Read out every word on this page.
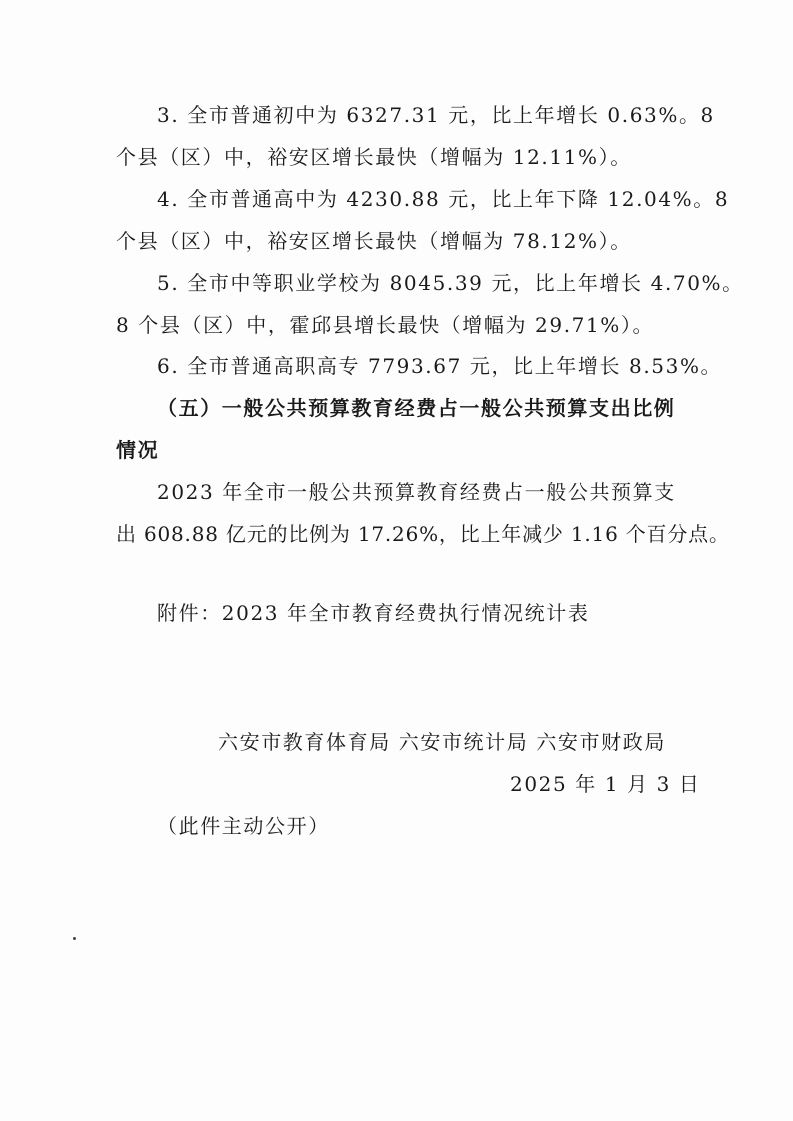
3. 全市普通初中为 6327.31 元，比上年增长 0.63%。8
个县（区）中，裕安区增长最快（增幅为 12.11%）。
4. 全市普通高中为 4230.88 元，比上年下降 12.04%。8
个县（区）中，裕安区增长最快（增幅为 78.12%）。
5. 全市中等职业学校为 8045.39 元，比上年增长 4.70%。
8 个县（区）中，霍邱县增长最快（增幅为 29.71%）。
6. 全市普通高职高专 7793.67 元，比上年增长 8.53%。
（五）一般公共预算教育经费占一般公共预算支出比例
情况
2023 年全市一般公共预算教育经费占一般公共预算支
出 608.88 亿元的比例为 17.26%，比上年减少 1.16 个百分点。
附件：2023 年全市教育经费执行情况统计表
六安市教育体育局 六安市统计局 六安市财政局
2025 年 1 月 3 日
（此件主动公开）
